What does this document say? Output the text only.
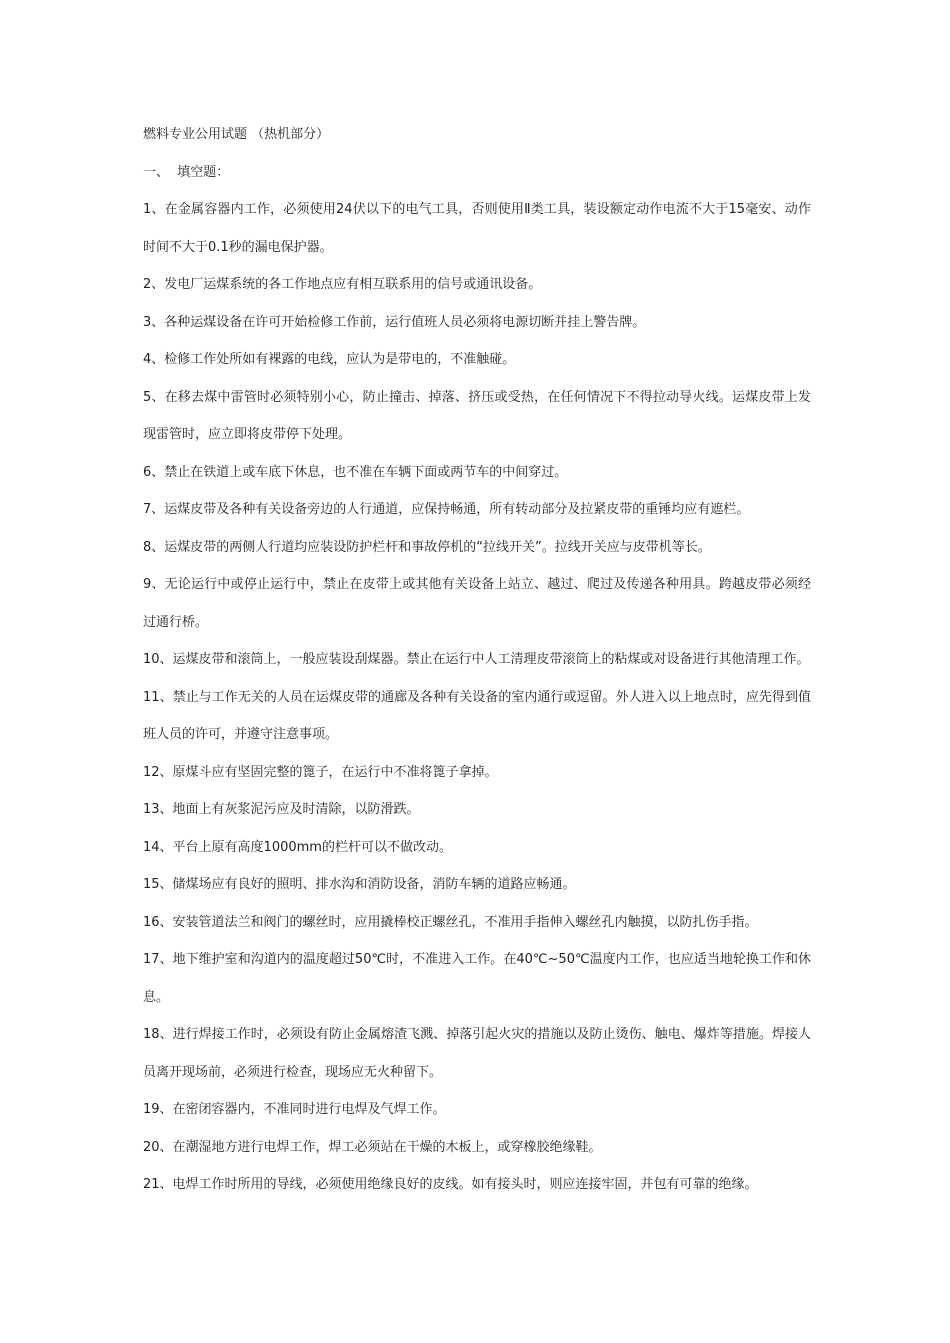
燃料专业公用试题 （热机部分）

一、  填空题：

1、在金属容器内工作，必须使用24伏以下的电气工具，否则使用Ⅱ类工具，装设额定动作电流不大于15毫安、动作时间不大于0.1秒的漏电保护器。

2、发电厂运煤系统的各工作地点应有相互联系用的信号或通讯设备。

3、各种运煤设备在许可开始检修工作前，运行值班人员必须将电源切断并挂上警告牌。

4、检修工作处所如有裸露的电线，应认为是带电的，不准触碰。

5、在移去煤中雷管时必须特别小心，防止撞击、掉落、挤压或受热，在任何情况下不得拉动导火线。运煤皮带上发现雷管时，应立即将皮带停下处理。

6、禁止在铁道上或车底下休息，也不准在车辆下面或两节车的中间穿过。

7、运煤皮带及各种有关设备旁边的人行通道，应保持畅通，所有转动部分及拉紧皮带的重锤均应有遮栏。

8、运煤皮带的两侧人行道均应装设防护栏杆和事故停机的“拉线开关”。拉线开关应与皮带机等长。

9、无论运行中或停止运行中，禁止在皮带上或其他有关设备上站立、越过、爬过及传递各种用具。跨越皮带必须经过通行桥。

10、运煤皮带和滚筒上，一般应装设刮煤器。禁止在运行中人工清理皮带滚筒上的粘煤或对设备进行其他清理工作。

11、禁止与工作无关的人员在运煤皮带的通廊及各种有关设备的室内通行或逗留。外人进入以上地点时，应先得到值班人员的许可，并遵守注意事项。

12、原煤斗应有坚固完整的篦子，在运行中不准将篦子拿掉。

13、地面上有灰浆泥污应及时清除，以防滑跌。

14、平台上原有高度1000mm的栏杆可以不做改动。

15、储煤场应有良好的照明、排水沟和消防设备，消防车辆的道路应畅通。

16、安装管道法兰和阀门的螺丝时，应用撬棒校正螺丝孔，不准用手指伸入螺丝孔内触摸，以防扎伤手指。

17、地下维护室和沟道内的温度超过50℃时，不准进入工作。在40℃~50℃温度内工作，也应适当地轮换工作和休息。

18、进行焊接工作时，必须设有防止金属熔渣飞溅、掉落引起火灾的措施以及防止烫伤、触电、爆炸等措施。焊接人员离开现场前，必须进行检查，现场应无火种留下。

19、在密闭容器内，不准同时进行电焊及气焊工作。

20、在潮湿地方进行电焊工作，焊工必须站在干燥的木板上，或穿橡胶绝缘鞋。

21、电焊工作时所用的导线，必须使用绝缘良好的皮线。如有接头时，则应连接牢固，并包有可靠的绝缘。
